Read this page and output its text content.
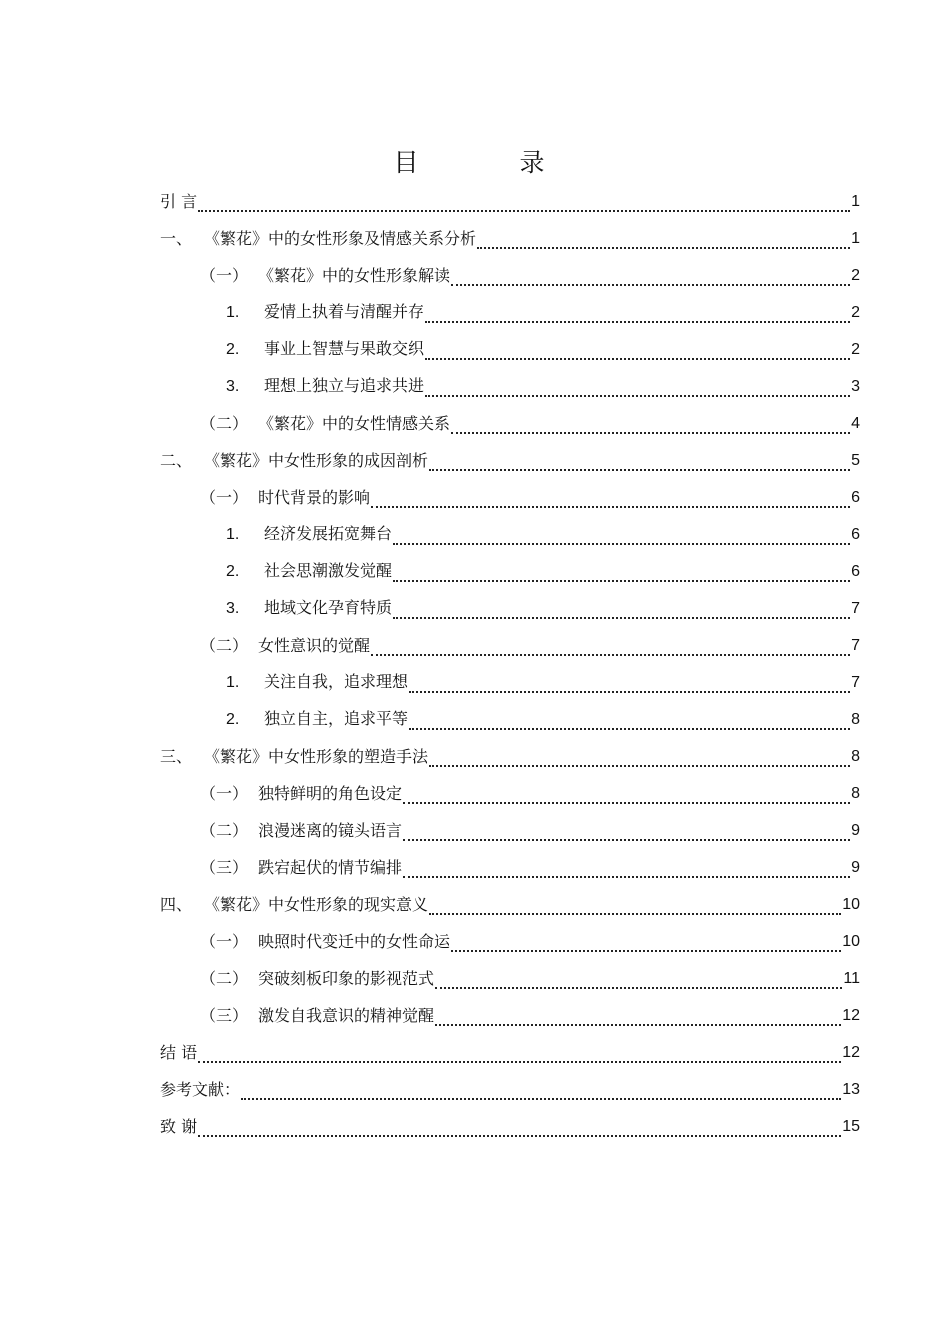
目　录
引 言	1
一、 《繁花》中的女性形象及情感关系分析	1
（一） 《繁花》中的女性形象解读	2
1.	爱情上执着与清醒并存	2
2.	事业上智慧与果敢交织	2
3.	理想上独立与追求共进	3
（二） 《繁花》中的女性情感关系	4
二、 《繁花》中女性形象的成因剖析	5
（一） 时代背景的影响	6
1.	经济发展拓宽舞台	6
2.	社会思潮激发觉醒	6
3.	地域文化孕育特质	7
（二） 女性意识的觉醒	7
1.	关注自我，追求理想	7
2.	独立自主，追求平等	8
三、 《繁花》中女性形象的塑造手法	8
（一） 独特鲜明的角色设定	8
（二） 浪漫迷离的镜头语言	9
（三） 跌宕起伏的情节编排	9
四、 《繁花》中女性形象的现实意义	10
（一） 映照时代变迁中的女性命运	10
（二） 突破刻板印象的影视范式	11
（三） 激发自我意识的精神觉醒	12
结 语	12
参考文献：	13
致 谢	15
